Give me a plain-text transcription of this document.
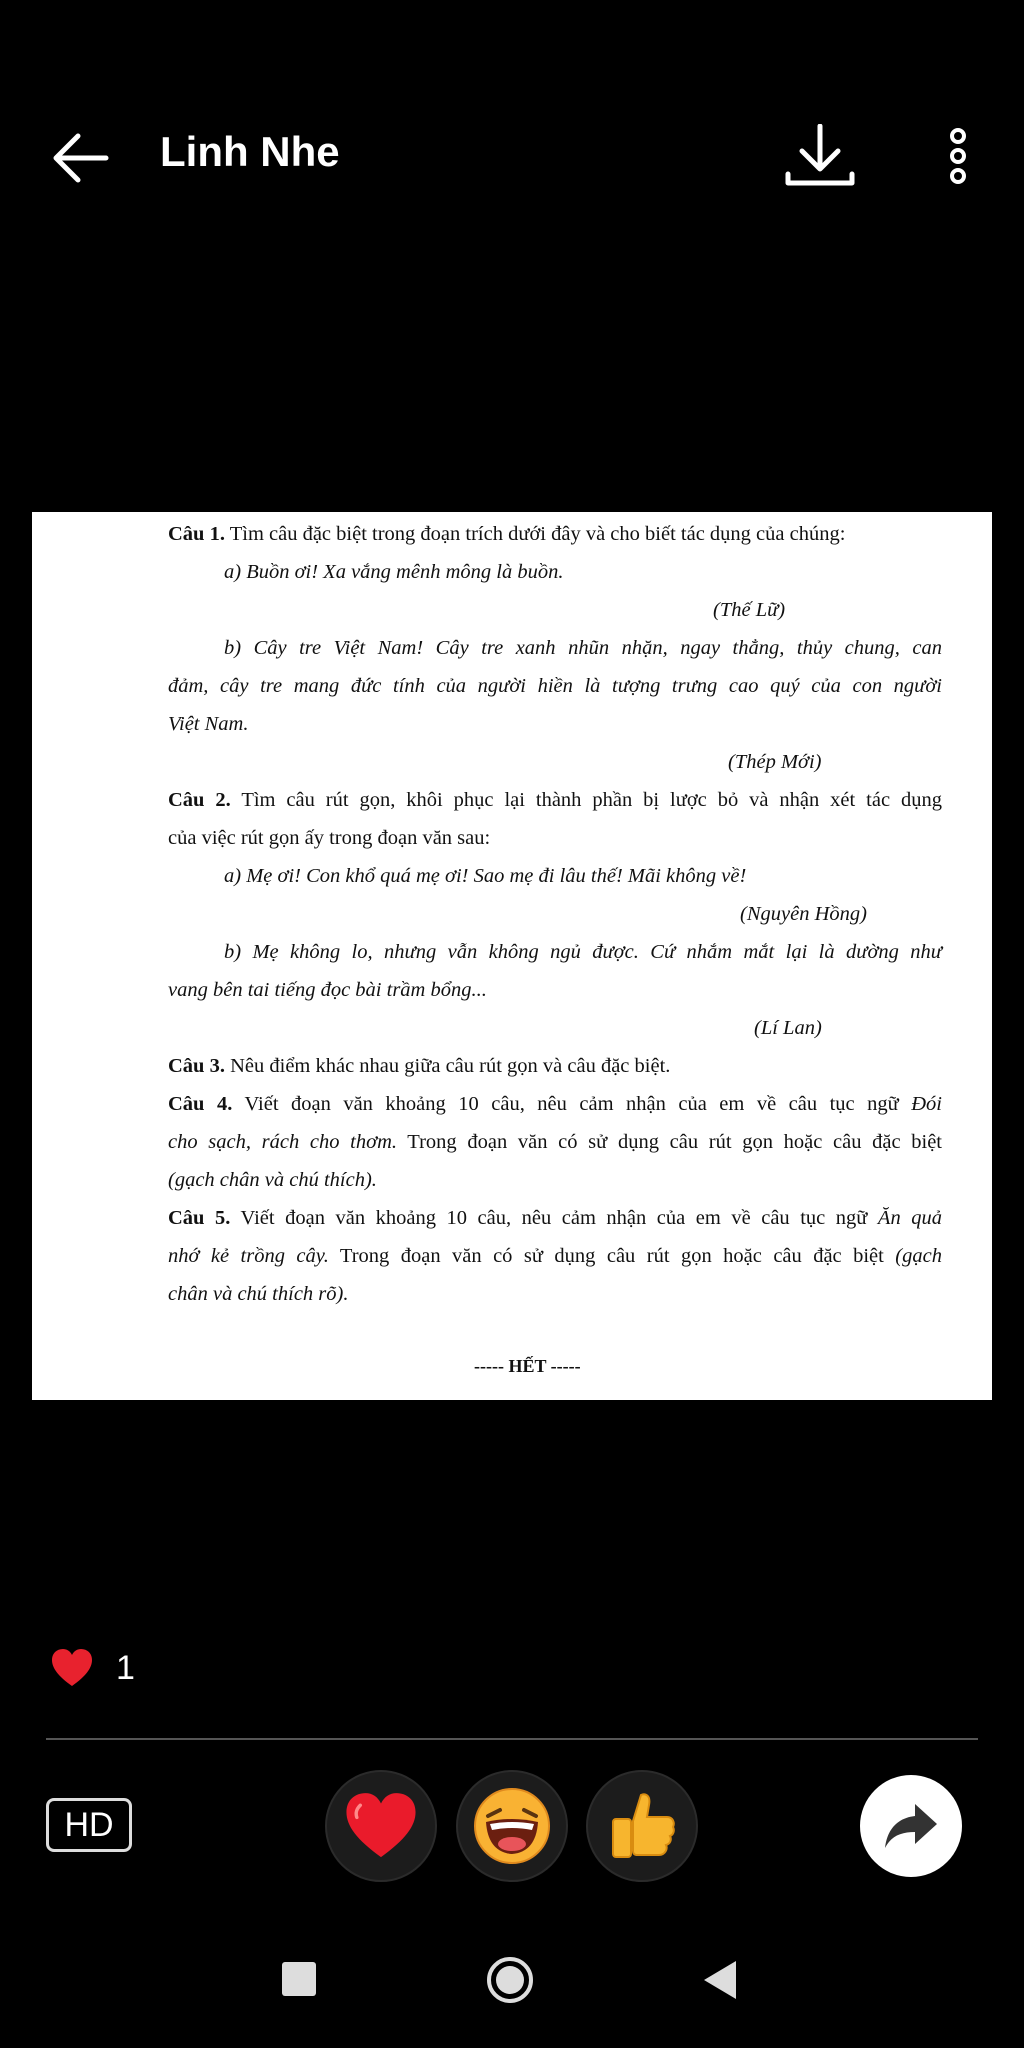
Linh Nhe
Câu 1. Tìm câu đặc biệt trong đoạn trích dưới đây và cho biết tác dụng của chúng:
a) Buồn ơi! Xa vắng mênh mông là buồn.
(Thế Lữ)
b) Cây tre Việt Nam! Cây tre xanh nhũn nhặn, ngay thẳng, thủy chung, can
đảm, cây tre mang đức tính của người hiền là tượng trưng cao quý của con người
Việt Nam.
(Thép Mới)
Câu 2. Tìm câu rút gọn, khôi phục lại thành phần bị lược bỏ và nhận xét tác dụng
của việc rút gọn ấy trong đoạn văn sau:
a) Mẹ ơi! Con khổ quá mẹ ơi! Sao mẹ đi lâu thế! Mãi không về!
(Nguyên Hồng)
b) Mẹ không lo, nhưng vẫn không ngủ được. Cứ nhắm mắt lại là dường như
vang bên tai tiếng đọc bài trầm bổng...
(Lí Lan)
Câu 3. Nêu điểm khác nhau giữa câu rút gọn và câu đặc biệt.
Câu 4. Viết đoạn văn khoảng 10 câu, nêu cảm nhận của em về câu tục ngữ Đói
cho sạch, rách cho thơm. Trong đoạn văn có sử dụng câu rút gọn hoặc câu đặc biệt
(gạch chân và chú thích).
Câu 5. Viết đoạn văn khoảng 10 câu, nêu cảm nhận của em về câu tục ngữ Ăn quả
nhớ kẻ trồng cây. Trong đoạn văn có sử dụng câu rút gọn hoặc câu đặc biệt (gạch
chân và chú thích rõ).
----- HẾT -----
1
HD
